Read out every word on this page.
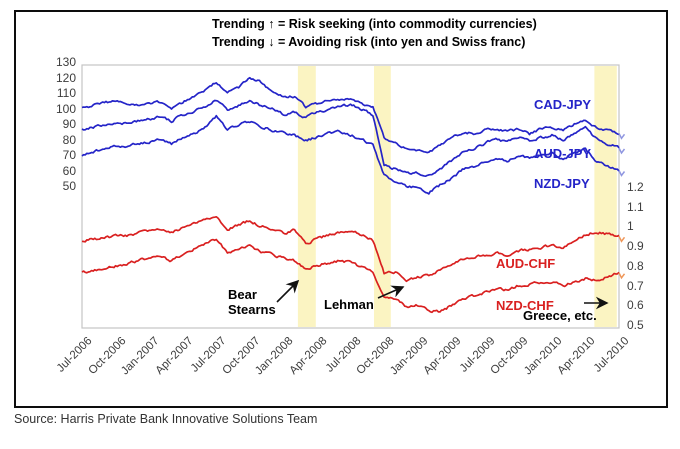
Trending ↑ = Risk seeking (into commodity currencies)
Trending ↓ = Avoiding risk (into yen and Swiss franc)
130
120
110
100
90
80
70
60
50	1.2
1.1
1
0.9
0.8
0.7
0.6
0.5
Jul-2006
Oct-2006
Jan-2007
Apr-2007
Jul-2007
Oct-2007
Jan-2008
Apr-2008
Jul-2008
Oct-2008
Jan-2009
Apr-2009
Jul-2009
Oct-2009
Jan-2010
Apr-2010
Jul-2010
CAD-JPY
AUD-JPY
NZD-JPY
AUD-CHF
NZD-CHF
Bear
Stearns	Lehman
Greece, etc.
Source: Harris Private Bank Innovative Solutions Team
